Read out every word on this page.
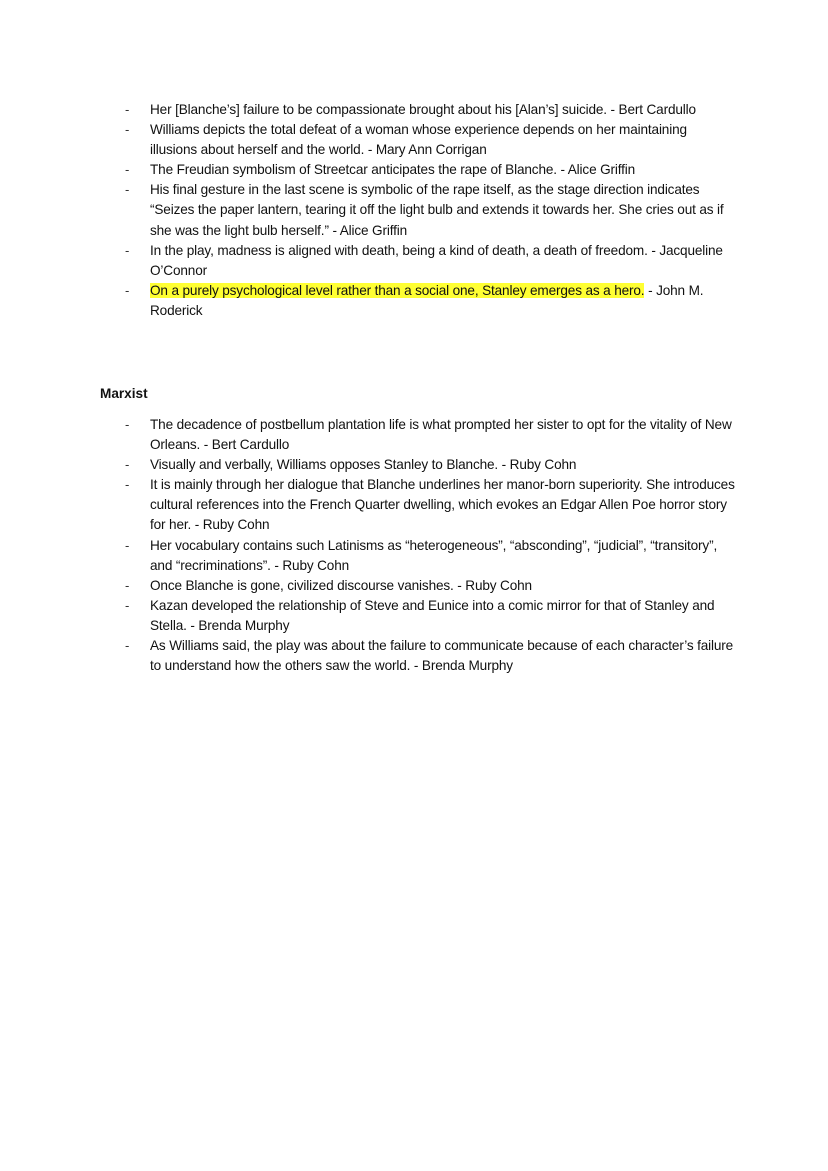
- Her [Blanche’s] failure to be compassionate brought about his [Alan’s] suicide. - Bert Cardullo
- Williams depicts the total defeat of a woman whose experience depends on her maintaining illusions about herself and the world. - Mary Ann Corrigan
- The Freudian symbolism of Streetcar anticipates the rape of Blanche. - Alice Griffin
- His final gesture in the last scene is symbolic of the rape itself, as the stage direction indicates “Seizes the paper lantern, tearing it off the light bulb and extends it towards her. She cries out as if she was the light bulb herself.” - Alice Griffin
- In the play, madness is aligned with death, being a kind of death, a death of freedom. - Jacqueline O’Connor
- On a purely psychological level rather than a social one, Stanley emerges as a hero. - John M. Roderick
Marxist
- The decadence of postbellum plantation life is what prompted her sister to opt for the vitality of New Orleans. - Bert Cardullo
- Visually and verbally, Williams opposes Stanley to Blanche. - Ruby Cohn
- It is mainly through her dialogue that Blanche underlines her manor-born superiority. She introduces cultural references into the French Quarter dwelling, which evokes an Edgar Allen Poe horror story for her. - Ruby Cohn
- Her vocabulary contains such Latinisms as “heterogeneous”, “absconding”, “judicial”, “transitory”, and “recriminations”. - Ruby Cohn
- Once Blanche is gone, civilized discourse vanishes. - Ruby Cohn
- Kazan developed the relationship of Steve and Eunice into a comic mirror for that of Stanley and Stella. - Brenda Murphy
- As Williams said, the play was about the failure to communicate because of each character’s failure to understand how the others saw the world. - Brenda Murphy
